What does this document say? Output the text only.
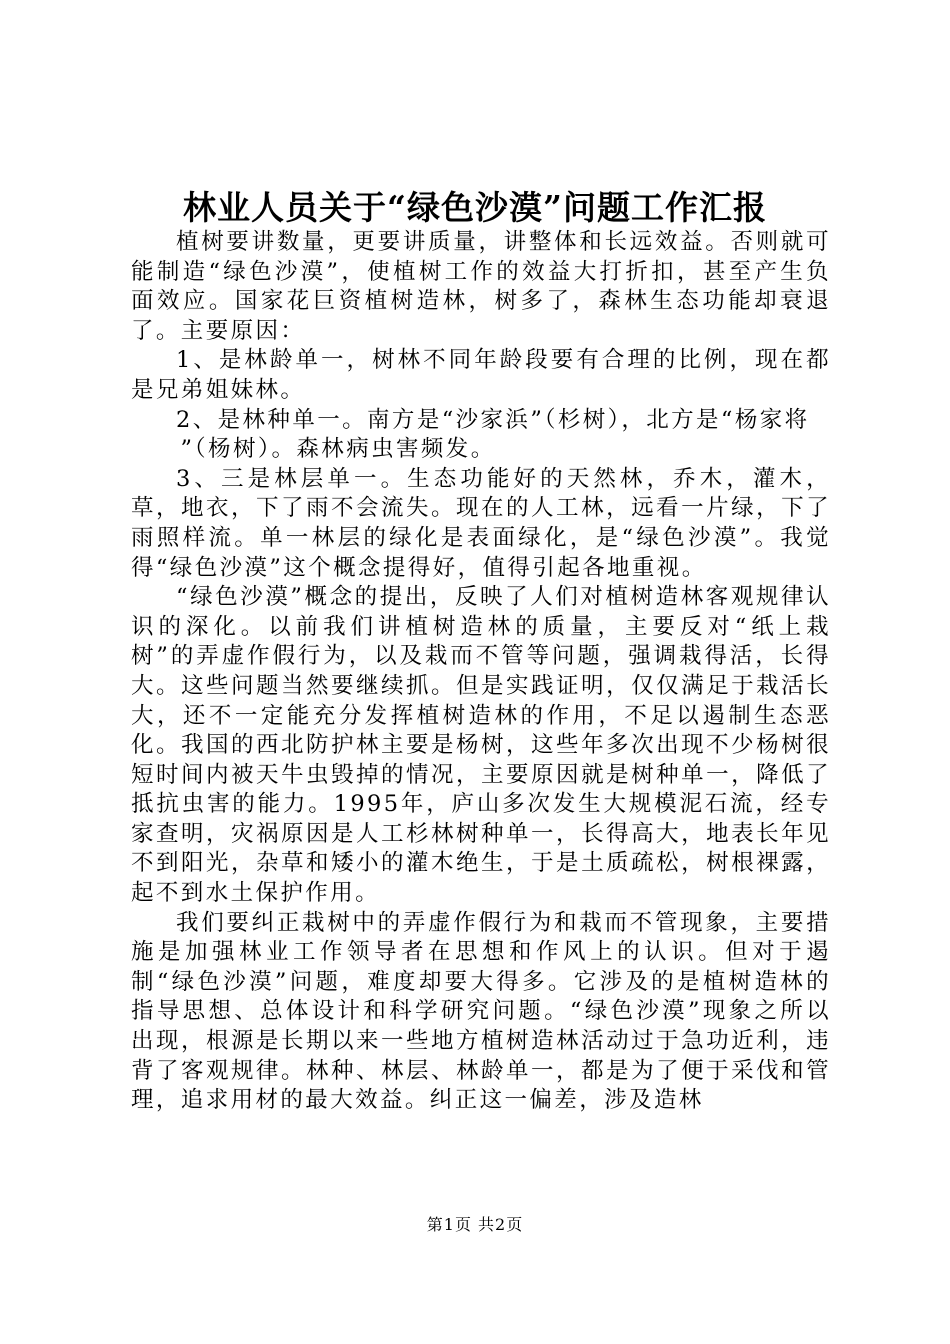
林业人员关于“绿色沙漠”问题工作汇报

植树要讲数量，更要讲质量，讲整体和长远效益。否则就可能制造“绿色沙漠”，使植树工作的效益大打折扣，甚至产生负面效应。国家花巨资植树造林，树多了，森林生态功能却衰退了。主要原因：

1、是林龄单一，树林不同年龄段要有合理的比例，现在都是兄弟姐妹林。

2、是林种单一。南方是“沙家浜”（杉树），北方是“杨家将

”（杨树）。森林病虫害频发。

3、三是林层单一。生态功能好的天然林，乔木，灌木，草，地衣，下了雨不会流失。现在的人工林，远看一片绿，下了雨照样流。单一林层的绿化是表面绿化，是“绿色沙漠”。我觉得“绿色沙漠”这个概念提得好，值得引起各地重视。

“绿色沙漠”概念的提出，反映了人们对植树造林客观规律认识的深化。以前我们讲植树造林的质量，主要反对“纸上栽树”的弄虚作假行为，以及栽而不管等问题，强调栽得活，长得大。这些问题当然要继续抓。但是实践证明，仅仅满足于栽活长大，还不一定能充分发挥植树造林的作用，不足以遏制生态恶化。我国的西北防护林主要是杨树，这些年多次出现不少杨树很短时间内被天牛虫毁掉的情况，主要原因就是树种单一，降低了抵抗虫害的能力。1995年，庐山多次发生大规模泥石流，经专家查明，灾祸原因是人工杉林树种单一，长得高大，地表长年见不到阳光，杂草和矮小的灌木绝生，于是土质疏松，树根裸露，起不到水土保护作用。

我们要纠正栽树中的弄虚作假行为和栽而不管现象，主要措施是加强林业工作领导者在思想和作风上的认识。但对于遏制“绿色沙漠”问题，难度却要大得多。它涉及的是植树造林的指导思想、总体设计和科学研究问题。“绿色沙漠”现象之所以出现，根源是长期以来一些地方植树造林活动过于急功近利，违背了客观规律。林种、林层、林龄单一，都是为了便于采伐和管理，追求用材的最大效益。纠正这一偏差，涉及造林

第1页 共2页
